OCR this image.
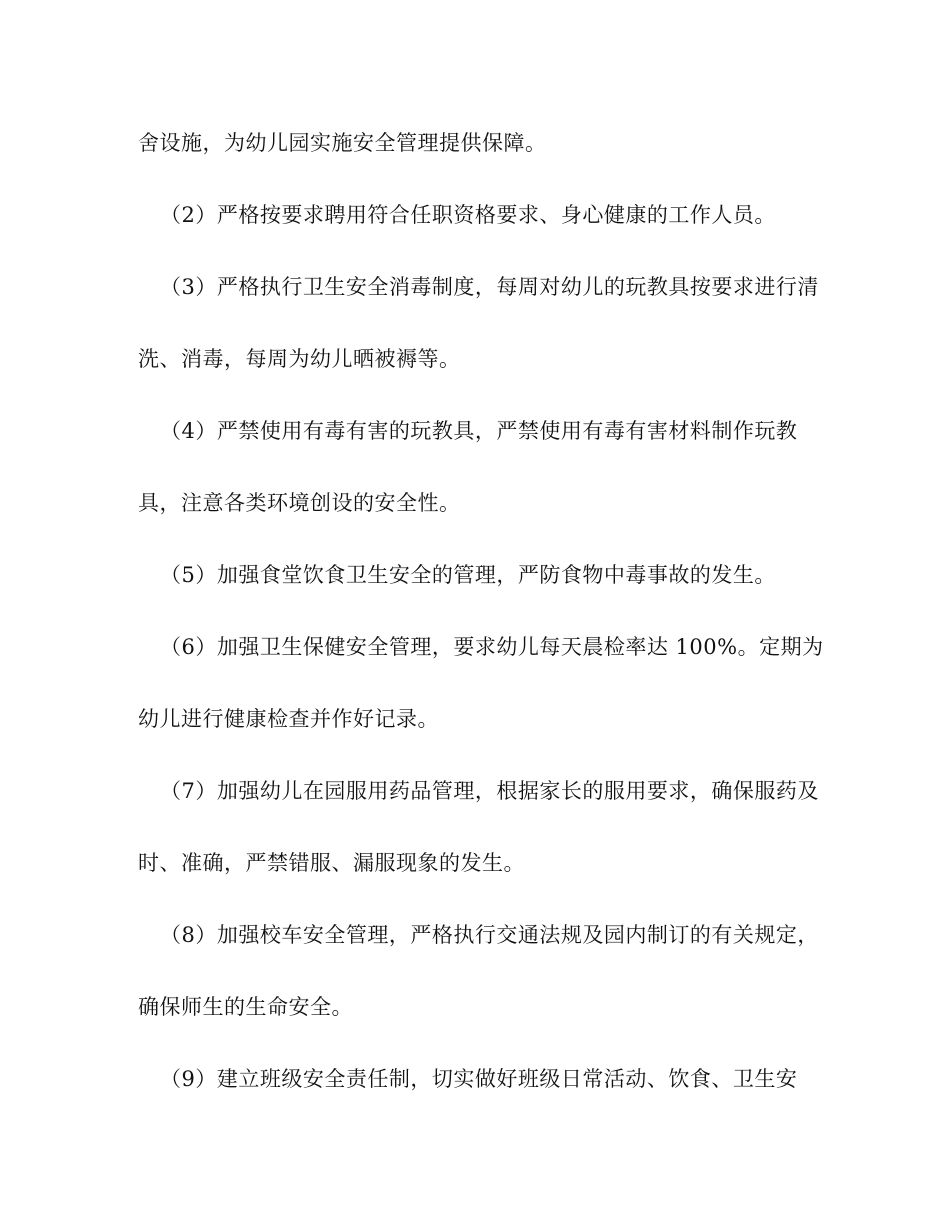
舍设施，为幼儿园实施安全管理提供保障。
（2）严格按要求聘用符合任职资格要求、身心健康的工作人员。
（3）严格执行卫生安全消毒制度，每周对幼儿的玩教具按要求进行清
洗、消毒，每周为幼儿晒被褥等。
（4）严禁使用有毒有害的玩教具，严禁使用有毒有害材料制作玩教
具，注意各类环境创设的安全性。
（5）加强食堂饮食卫生安全的管理，严防食物中毒事故的发生。
（6）加强卫生保健安全管理，要求幼儿每天晨检率达 100%。定期为
幼儿进行健康检查并作好记录。
（7）加强幼儿在园服用药品管理，根据家长的服用要求，确保服药及
时、准确，严禁错服、漏服现象的发生。
（8）加强校车安全管理，严格执行交通法规及园内制订的有关规定，
确保师生的生命安全。
（9）建立班级安全责任制，切实做好班级日常活动、饮食、卫生安
